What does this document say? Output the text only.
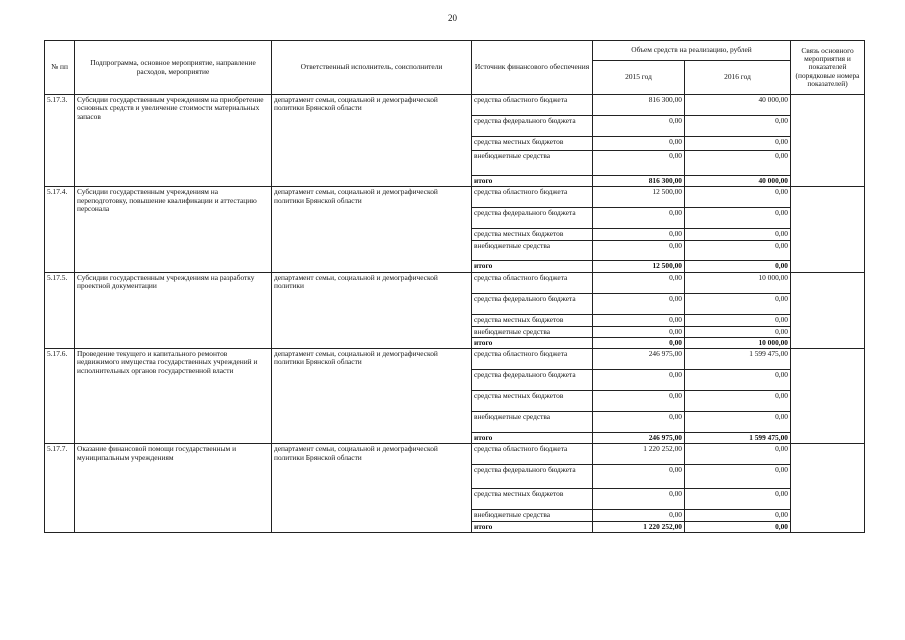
20
№ пп	Подпрограмма, основное мероприятие, направление расходов, мероприятие	Ответственный исполнитель, соисполнители	Источник финансового обеспечения	Объем средств на реализацию, рублей		Связь основного мероприятия и показателей (порядковые номера показателей)
				2015 год	2016 год	
5.17.3.	Субсидии государственным учреждениям на приобретение основных средств и увеличение стоимости материальных запасов	департамент семьи, социальной и демографической политики Брянской области	средства областного бюджета	816 300,00	40 000,00	
			средства федерального бюджета	0,00	0,00	
			средства местных бюджетов	0,00	0,00	
			внебюджетные средства	0,00	0,00	
			итого	816 300,00	40 000,00	
5.17.4.	Субсидии государственным учреждениям на переподготовку, повышение квалификации и аттестацию персонала	департамент семьи, социальной и демографической политики Брянской области	средства областного бюджета	12 500,00	0,00	
			средства федерального бюджета	0,00	0,00	
			средства местных бюджетов	0,00	0,00	
			внебюджетные средства	0,00	0,00	
			итого	12 500,00	0,00	
5.17.5.	Субсидии государственным учреждениям на разработку проектной документации	департамент семьи, социальной и демографической политики	средства областного бюджета	0,00	10 000,00	
			средства федерального бюджета	0,00	0,00	
			средства местных бюджетов	0,00	0,00	
			внебюджетные средства	0,00	0,00	
			итого	0,00	10 000,00	
5.17.6.	Проведение текущего и капитального ремонтов недвижимого имущества государственных учреждений и исполнительных органов государственной власти	департамент семьи, социальной и демографической политики Брянской области	средства областного бюджета	246 975,00	1 599 475,00	
			средства федерального бюджета	0,00	0,00	
			средства местных бюджетов	0,00	0,00	
			внебюджетные средства	0,00	0,00	
			итого	246 975,00	1 599 475,00	
5.17.7.	Оказание финансовой помощи государственным и муниципальным учреждениям	департамент семьи, социальной и демографической политики Брянской области	средства областного бюджета	1 220 252,00	0,00	
			средства федерального бюджета	0,00	0,00	
			средства местных бюджетов	0,00	0,00	
			внебюджетные средства	0,00	0,00	
			итого	1 220 252,00	0,00	
